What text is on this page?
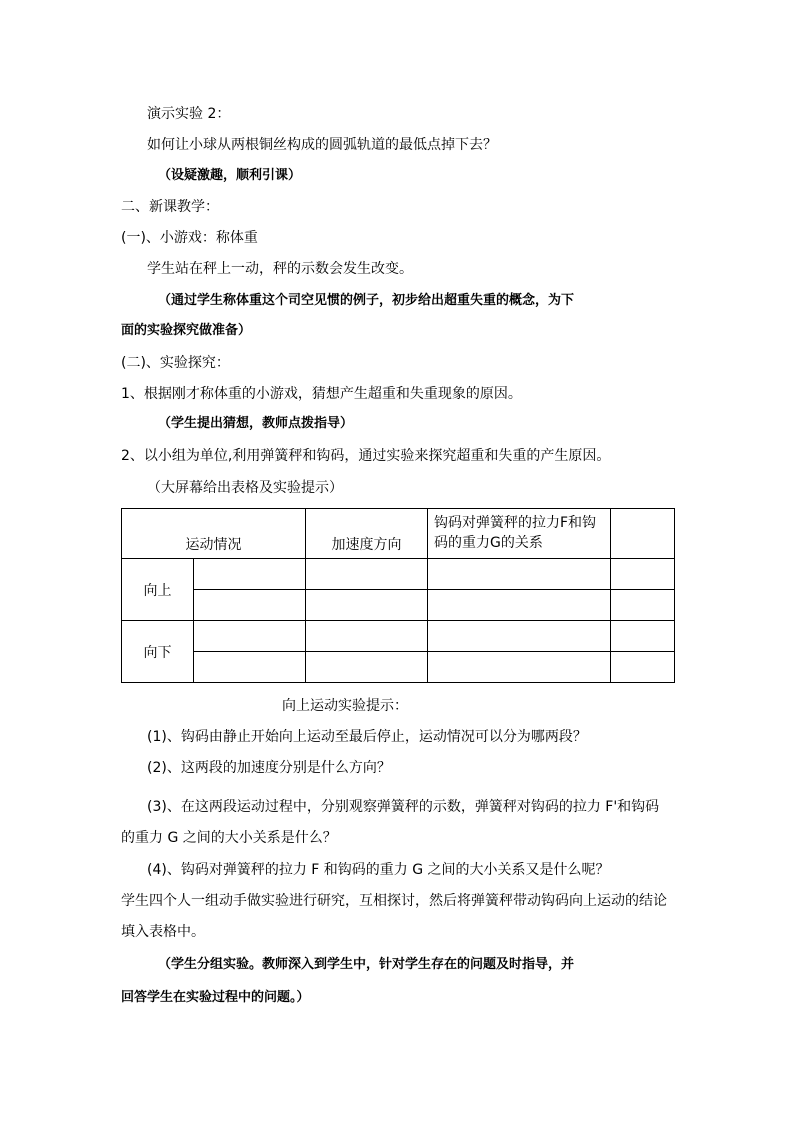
演示实验 2：
如何让小球从两根铜丝构成的圆弧轨道的最低点掉下去？
（设疑激趣，顺利引课）
二、新课教学：
(一)、小游戏：称体重
学生站在秤上一动，秤的示数会发生改变。
（通过学生称体重这个司空见惯的例子，初步给出超重失重的概念，为下
面的实验探究做准备）
(二)、实验探究：
1、根据刚才称体重的小游戏，猜想产生超重和失重现象的原因。
（学生提出猜想，教师点拨指导）
2、以小组为单位,利用弹簧秤和钩码，通过实验来探究超重和失重的产生原因。
（大屏幕给出表格及实验提示）
运动情况		加速度方向	钩码对弹簧秤的拉力F和钩码的重力G的关系	
向上				

向下				

向上运动实验提示：
(1)、钩码由静止开始向上运动至最后停止，运动情况可以分为哪两段？
(2)、这两段的加速度分别是什么方向？
(3)、在这两段运动过程中，分别观察弹簧秤的示数，弹簧秤对钩码的拉力 F'和钩码
的重力 G 之间的大小关系是什么？
(4)、钩码对弹簧秤的拉力 F 和钩码的重力 G 之间的大小关系又是什么呢？
学生四个人一组动手做实验进行研究，互相探讨，然后将弹簧秤带动钩码向上运动的结论
填入表格中。
（学生分组实验。教师深入到学生中，针对学生存在的问题及时指导，并
回答学生在实验过程中的问题。）
